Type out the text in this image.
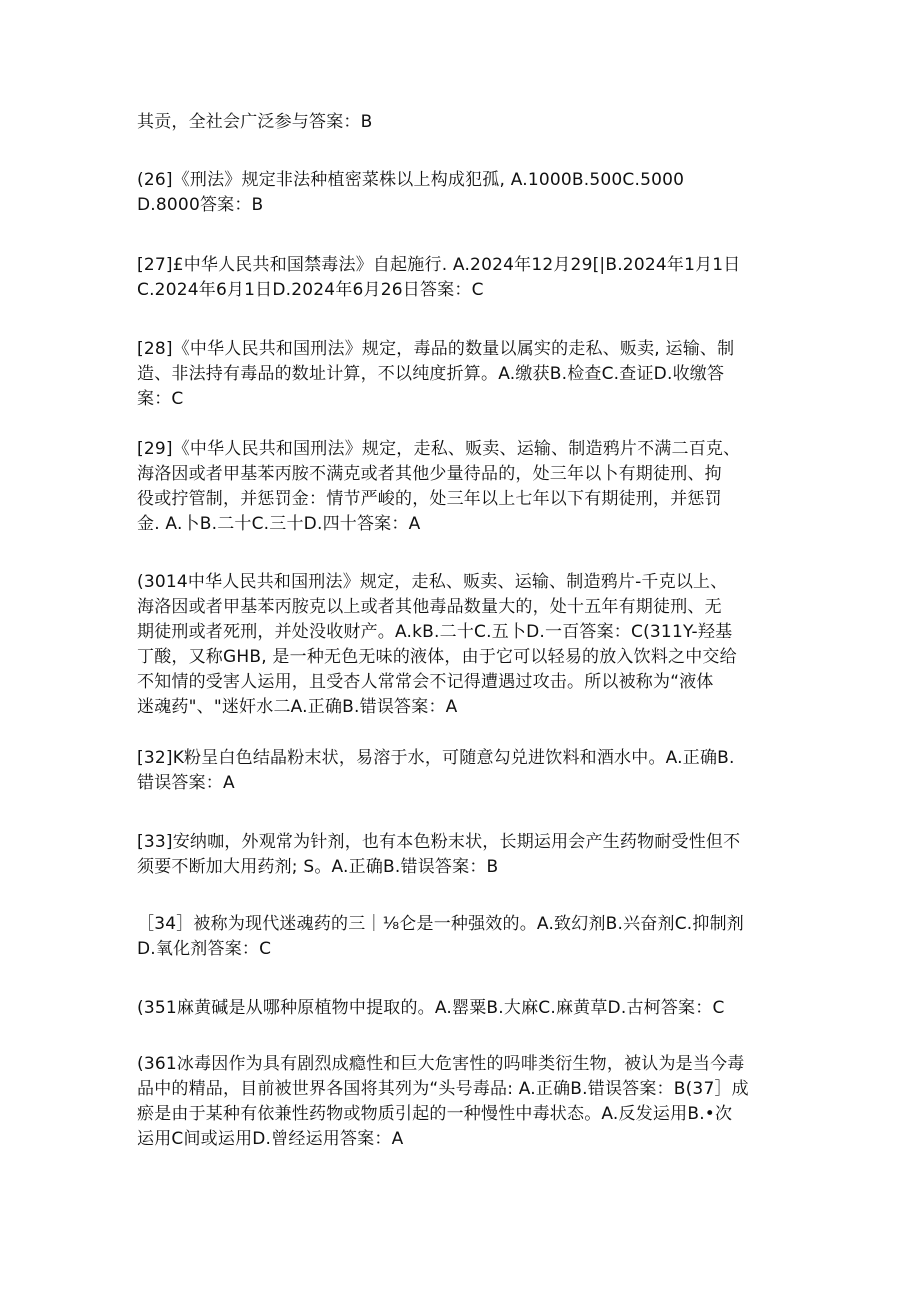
其贡，全社会广泛参与答案：B
(26]《刑法》规定非法种植密菜株以上构成犯孤, A.1000B.500C.5000
D.8000答案：B
[27]£中华人民共和国禁毒法》自起施行. A.2024年12月29[|B.2024年1月1日
C.2024年6月1日D.2024年6月26日答案：C
[28]《中华人民共和国刑法》规定，毒品的数量以属实的走私、贩卖, 运输、制
造、非法持有毒品的数址计算，不以纯度折算。A.缴获B.检查C.查证D.收缴答
案：C
[29]《中华人民共和国刑法》规定，走私、贩卖、运输、制造鸦片不满二百克、
海洛因或者甲基苯丙胺不满克或者其他少量待品的，处三年以卜有期徒刑、拘
役或拧管制，并惩罚金：情节严峻的，处三年以上七年以下有期徒刑，并惩罚
金. A.卜B.二十C.三十D.四十答案：A
(3014中华人民共和国刑法》规定，走私、贩卖、运输、制造鸦片-千克以上、
海洛因或者甲基苯丙胺克以上或者其他毒品数量大的，处十五年有期徒刑、无
期徒刑或者死刑，并处没收财产。A.kB.二十C.五卜D.一百答案：C(311Y-羟基
丁酸，又称GHB, 是一种无色无味的液体，由于它可以轻易的放入饮料之中交给
不知情的受害人运用，且受杏人常常会不记得遭遇过攻击。所以被称为“液体
迷魂药"、"迷奸水二A.正确B.错误答案：A
[32]K粉呈白色结晶粉末状，易溶于水，可随意勾兑进饮料和酒水中。A.正确B.
错误答案：A
[33]安纳咖，外观常为针剂，也有本色粉末状，长期运用会产生药物耐受性但不
须要不断加大用药剂; S。A.正确B.错误答案：B
［34］被称为现代迷魂药的三｜⅛仑是一种强效的。A.致幻剂B.兴奋剂C.抑制剂
D.氧化剂答案：C
(351麻黄碱是从哪种原植物中提取的。A.罂粟B.大麻C.麻黄草D.古柯答案：C
(361冰毒因作为具有剧烈成瘾性和巨大危害性的吗啡类衍生物，被认为是当今毒
品中的精品，目前被世界各国将其列为“头号毒品: A.正确B.错误答案：B(37］成
瘀是由于某种有依兼性药物或物质引起的一种慢性中毒状态。A.反发运用B.•次
运用C间或运用D.曾经运用答案：A
